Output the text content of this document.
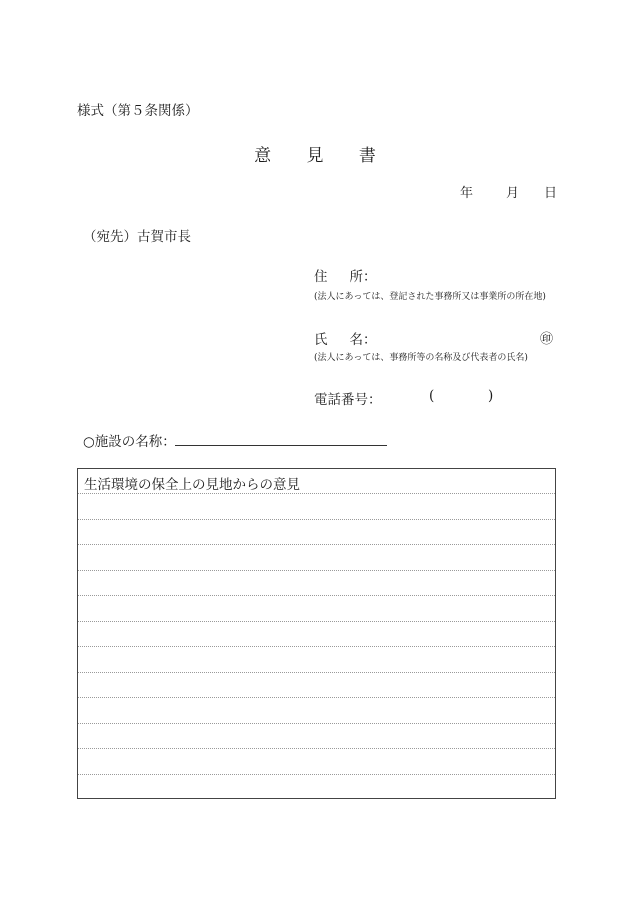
様式（第５条関係）
意 見 書
年	月 日
（宛先）古賀市長
住 所：
(法人にあっては、登記された事務所又は事業所の所在地)
氏 名：	㊞
(法人にあっては、事務所等の名称及び代表者の氏名)
電話番号：	(	)
○施設の名称：
生活環境の保全上の見地からの意見
